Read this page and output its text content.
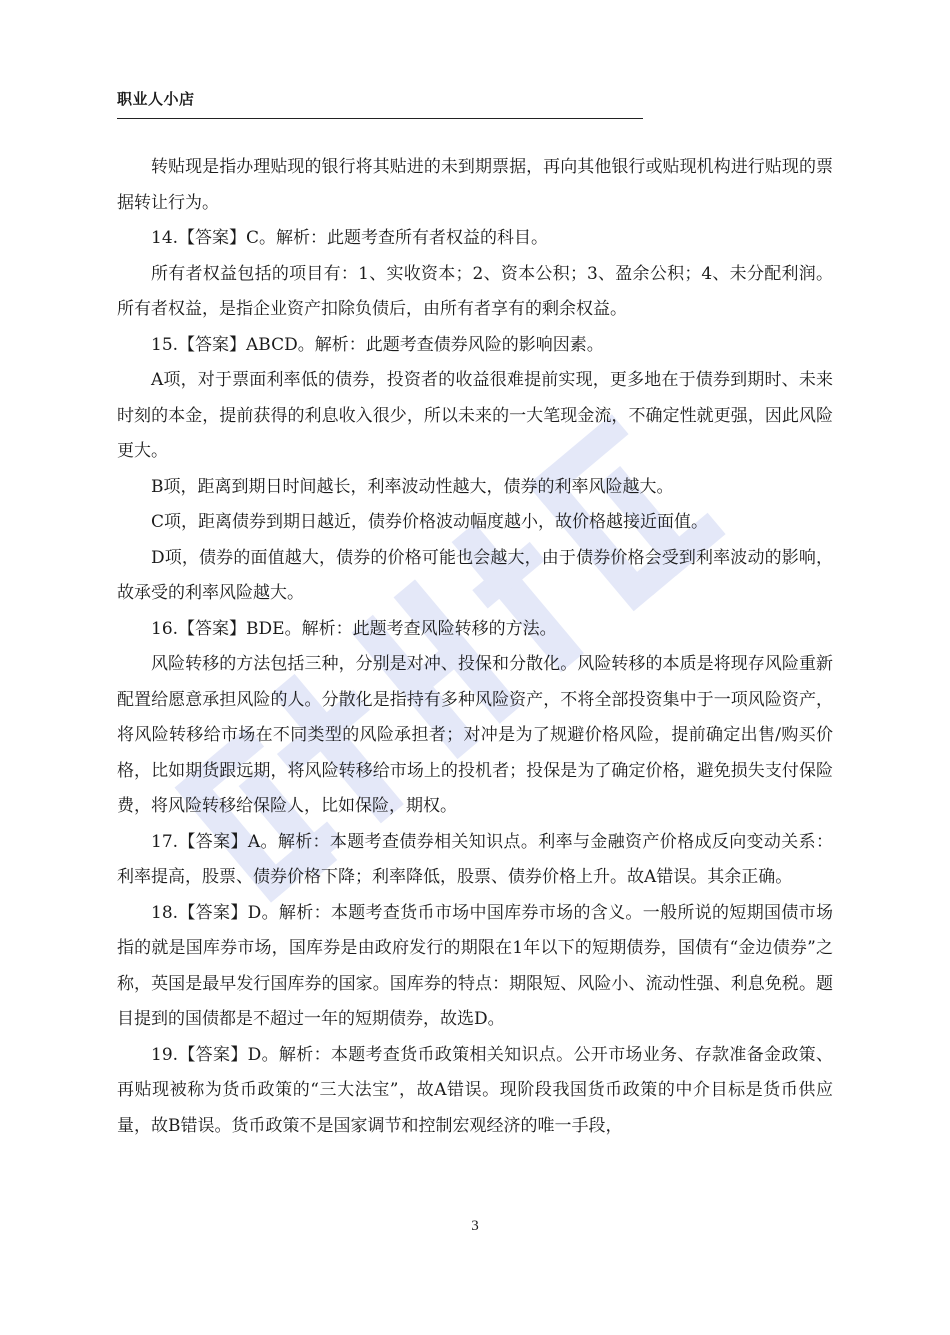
职业人小店

转贴现是指办理贴现的银行将其贴进的未到期票据，再向其他银行或贴现机构进行贴现的票据转让行为。

14.【答案】C。解析：此题考查所有者权益的科目。

所有者权益包括的项目有：1、实收资本；2、资本公积；3、盈余公积；4、未分配利润。所有者权益，是指企业资产扣除负债后，由所有者享有的剩余权益。

15.【答案】ABCD。解析：此题考查债券风险的影响因素。

A项，对于票面利率低的债券，投资者的收益很难提前实现，更多地在于债券到期时、未来时刻的本金，提前获得的利息收入很少，所以未来的一大笔现金流，不确定性就更强，因此风险更大。

B项，距离到期日时间越长，利率波动性越大，债券的利率风险越大。

C项，距离债券到期日越近，债券价格波动幅度越小，故价格越接近面值。

D项，债券的面值越大，债券的价格可能也会越大，由于债券价格会受到利率波动的影响，故承受的利率风险越大。

16.【答案】BDE。解析：此题考查风险转移的方法。

风险转移的方法包括三种，分别是对冲、投保和分散化。风险转移的本质是将现存风险重新配置给愿意承担风险的人。分散化是指持有多种风险资产，不将全部投资集中于一项风险资产，将风险转移给市场在不同类型的风险承担者；对冲是为了规避价格风险，提前确定出售/购买价格，比如期货跟远期，将风险转移给市场上的投机者；投保是为了确定价格，避免损失支付保险费，将风险转移给保险人，比如保险，期权。

17.【答案】A。解析：本题考查债券相关知识点。利率与金融资产价格成反向变动关系：利率提高，股票、债券价格下降；利率降低，股票、债券价格上升。故A错误。其余正确。

18.【答案】D。解析：本题考查货币市场中国库券市场的含义。一般所说的短期国债市场指的就是国库券市场，国库券是由政府发行的期限在1年以下的短期债券，国债有“金边债券”之称，英国是最早发行国库券的国家。国库券的特点：期限短、风险小、流动性强、利息免税。题目提到的国债都是不超过一年的短期债券，故选D。

19.【答案】D。解析：本题考查货币政策相关知识点。公开市场业务、存款准备金政策、再贴现被称为货币政策的“三大法宝”，故A错误。现阶段我国货币政策的中介目标是货币供应量，故B错误。货币政策不是国家调节和控制宏观经济的唯一手段，

3
